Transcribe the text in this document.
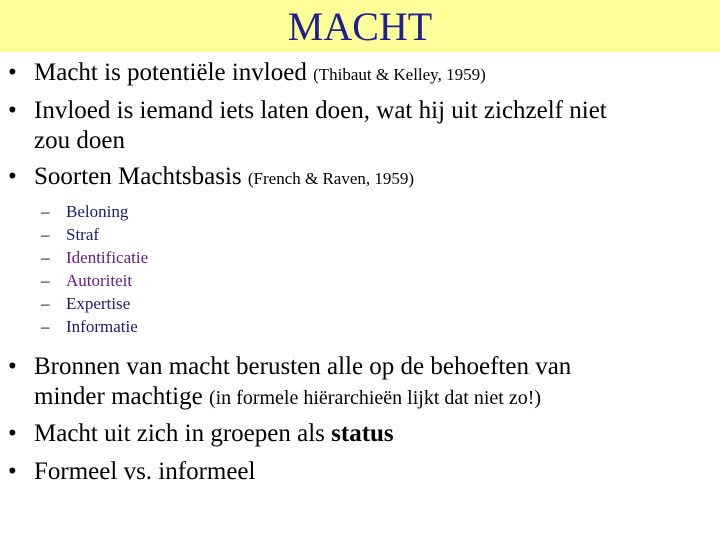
MACHT
• Macht is potentiële invloed (Thibaut & Kelley, 1959)
• Invloed is iemand iets laten doen, wat hij uit zichzelf niet
zou doen
• Soorten Machtsbasis (French & Raven, 1959)
– Beloning
– Straf
– Identificatie
– Autoriteit
– Expertise
– Informatie
• Bronnen van macht berusten alle op de behoeften van
minder machtige (in formele hiërarchieën lijkt dat niet zo!)
• Macht uit zich in groepen als status
• Formeel vs. informeel
